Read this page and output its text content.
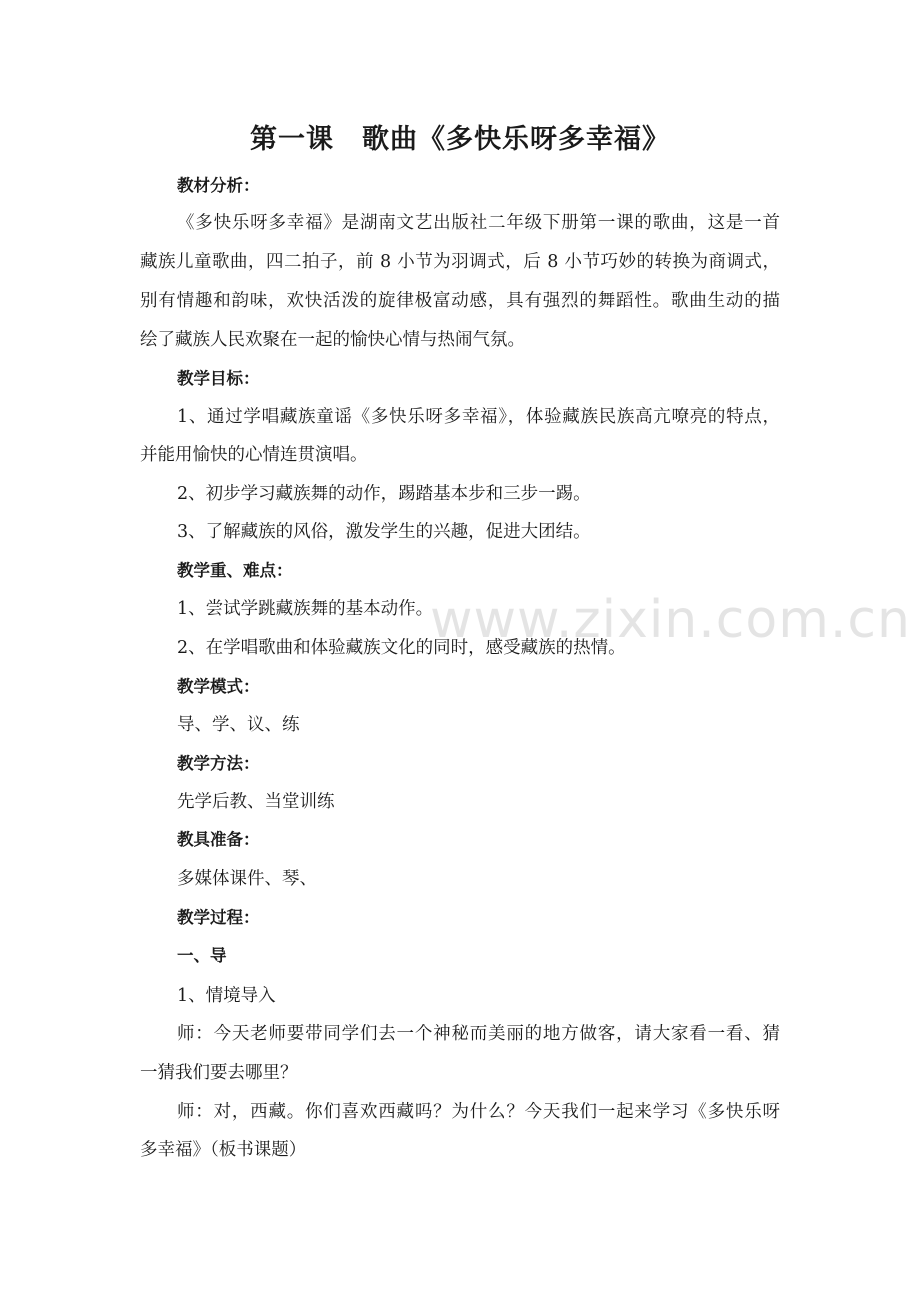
www.zixin.com.cn
第一课　歌曲《多快乐呀多幸福》
教材分析：
《多快乐呀多幸福》是湖南文艺出版社二年级下册第一课的歌曲，这是一首
藏族儿童歌曲，四二拍子，前 8 小节为羽调式，后 8 小节巧妙的转换为商调式，
别有情趣和韵味，欢快活泼的旋律极富动感，具有强烈的舞蹈性。歌曲生动的描
绘了藏族人民欢聚在一起的愉快心情与热闹气氛。
教学目标：
1、通过学唱藏族童谣《多快乐呀多幸福》，体验藏族民族高亢嘹亮的特点，
并能用愉快的心情连贯演唱。
2、初步学习藏族舞的动作，踢踏基本步和三步一踢。
3、了解藏族的风俗，激发学生的兴趣，促进大团结。
教学重、难点：
1、尝试学跳藏族舞的基本动作。
2、在学唱歌曲和体验藏族文化的同时，感受藏族的热情。
教学模式：
导、学、议、练
教学方法：
先学后教、当堂训练
教具准备：
多媒体课件、琴、
教学过程：
一、导
1、情境导入
师：今天老师要带同学们去一个神秘而美丽的地方做客，请大家看一看、猜
一猜我们要去哪里？
师：对，西藏。你们喜欢西藏吗？为什么？今天我们一起来学习《多快乐呀
多幸福》（板书课题）
